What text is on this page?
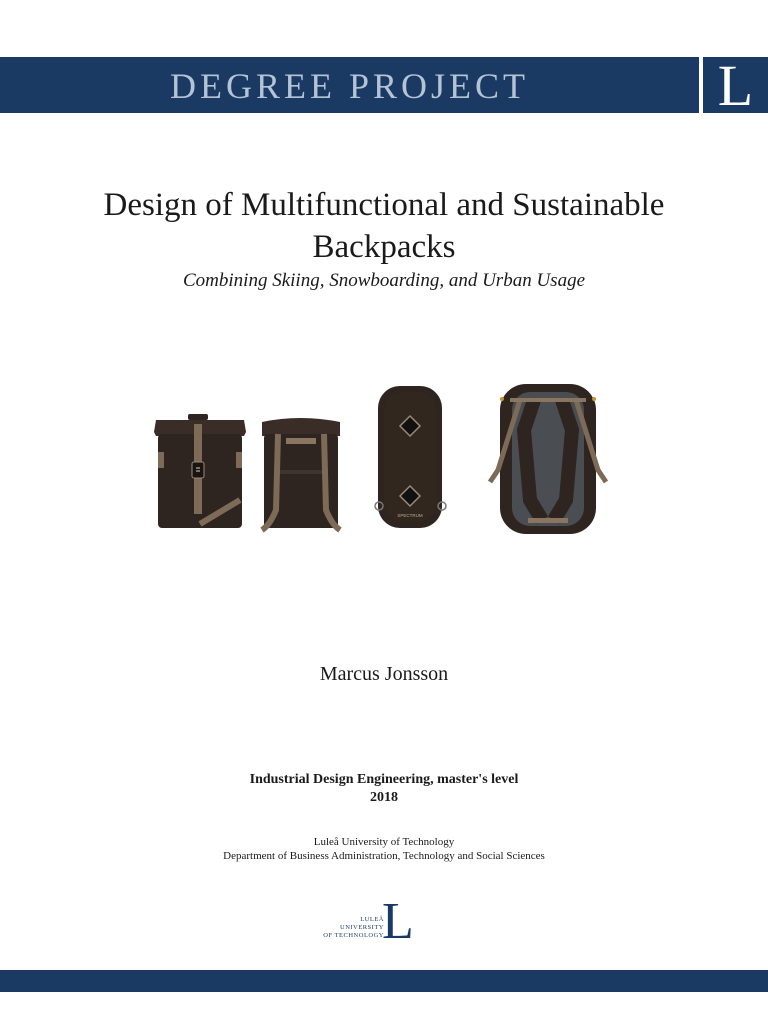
DEGREE PROJECT	L
Design of Multifunctional and Sustainable
Backpacks
Combining Skiing, Snowboarding, and Urban Usage
SPECTRUM
Marcus Jonsson
Industrial Design Engineering, master's level
2018
Luleå University of Technology
Department of Business Administration, Technology and Social Sciences
LULEÅ
UNIVERSITY
OF TECHNOLOGY
L
